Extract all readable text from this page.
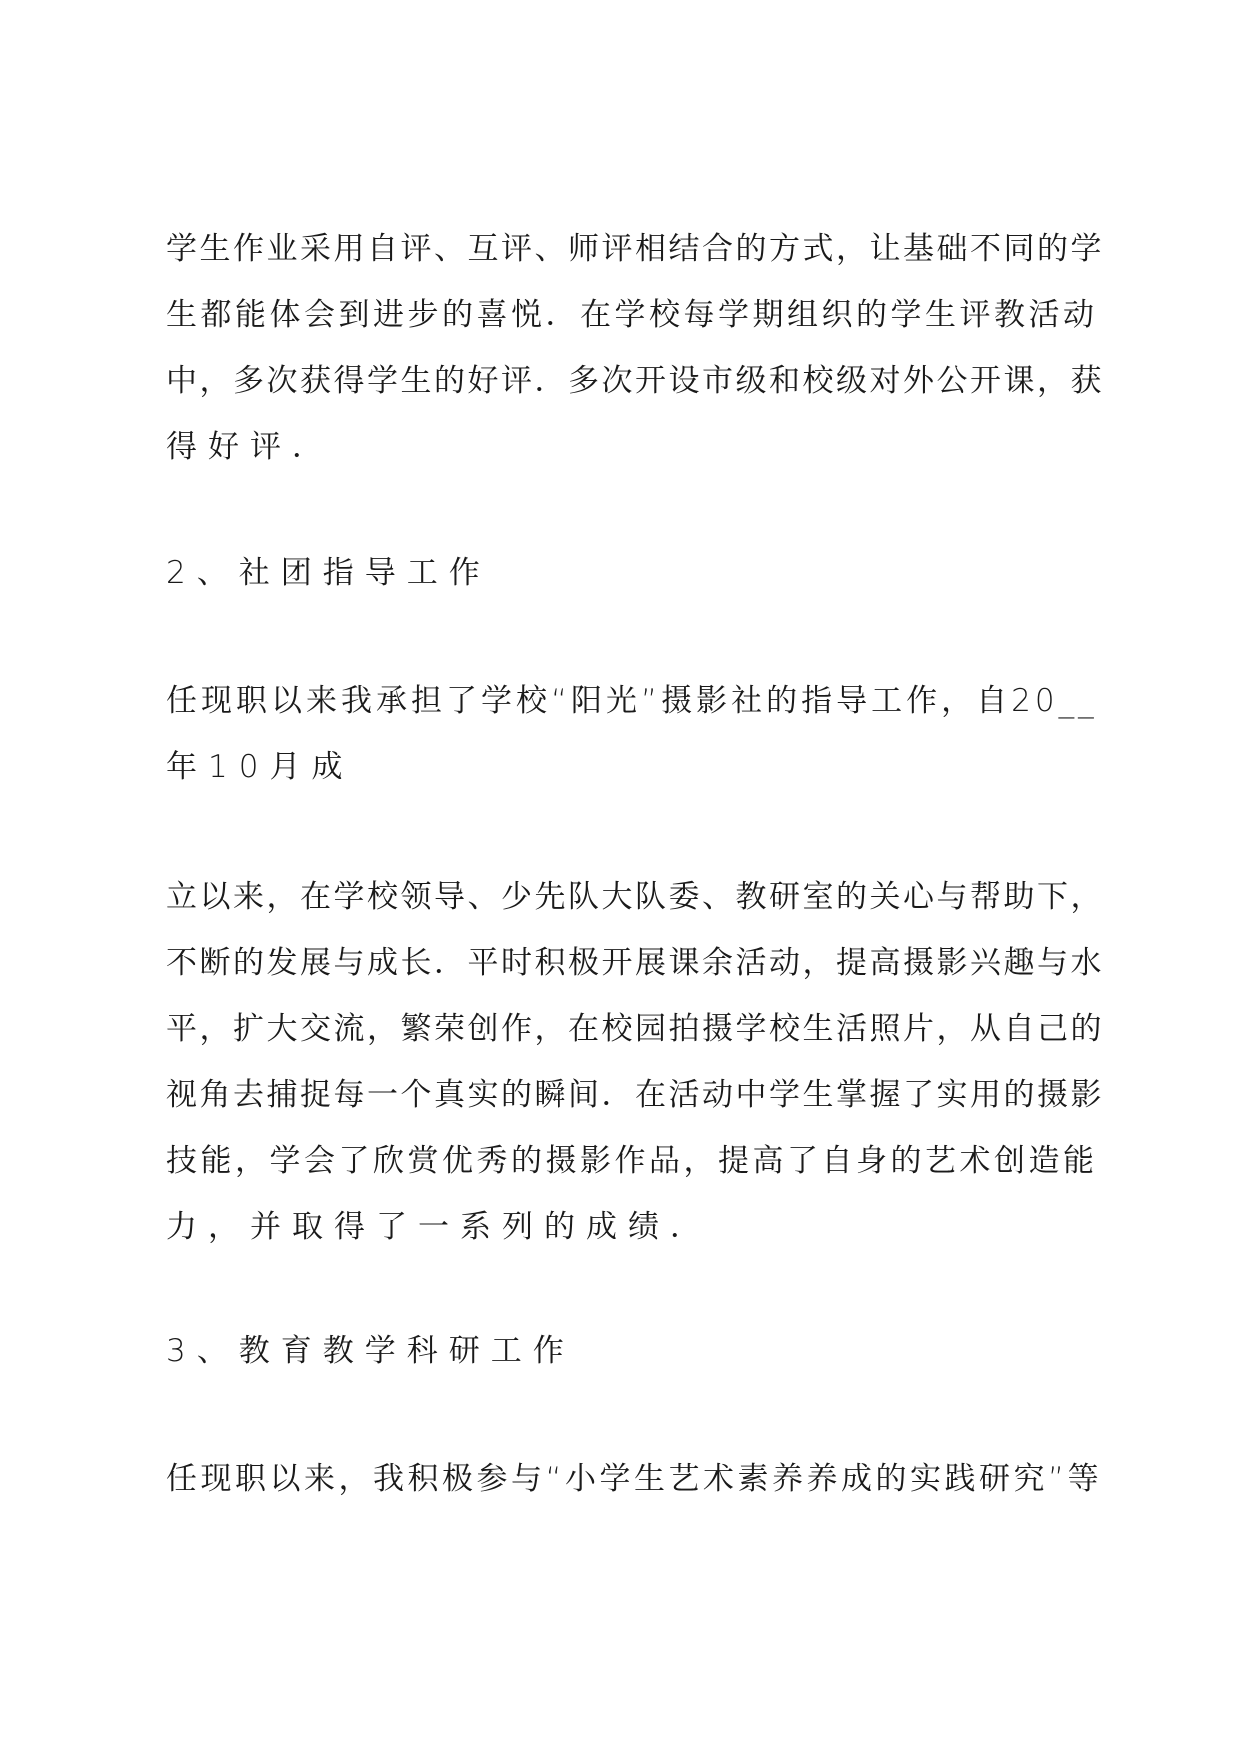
学生作业采用自评、互评、师评相结合的方式，让基础不同的学
生都能体会到进步的喜悦．在学校每学期组织的学生评教活动
中，多次获得学生的好评．多次开设市级和校级对外公开课，获
得好评．
2、社团指导工作
任现职以来我承担了学校“阳光”摄影社的指导工作，自20__
年10月成
立以来，在学校领导、少先队大队委、教研室的关心与帮助下，
不断的发展与成长．平时积极开展课余活动，提高摄影兴趣与水
平，扩大交流，繁荣创作，在校园拍摄学校生活照片，从自己的
视角去捕捉每一个真实的瞬间．在活动中学生掌握了实用的摄影
技能，学会了欣赏优秀的摄影作品，提高了自身的艺术创造能
力，并取得了一系列的成绩．
3、教育教学科研工作
任现职以来，我积极参与“小学生艺术素养养成的实践研究”等
